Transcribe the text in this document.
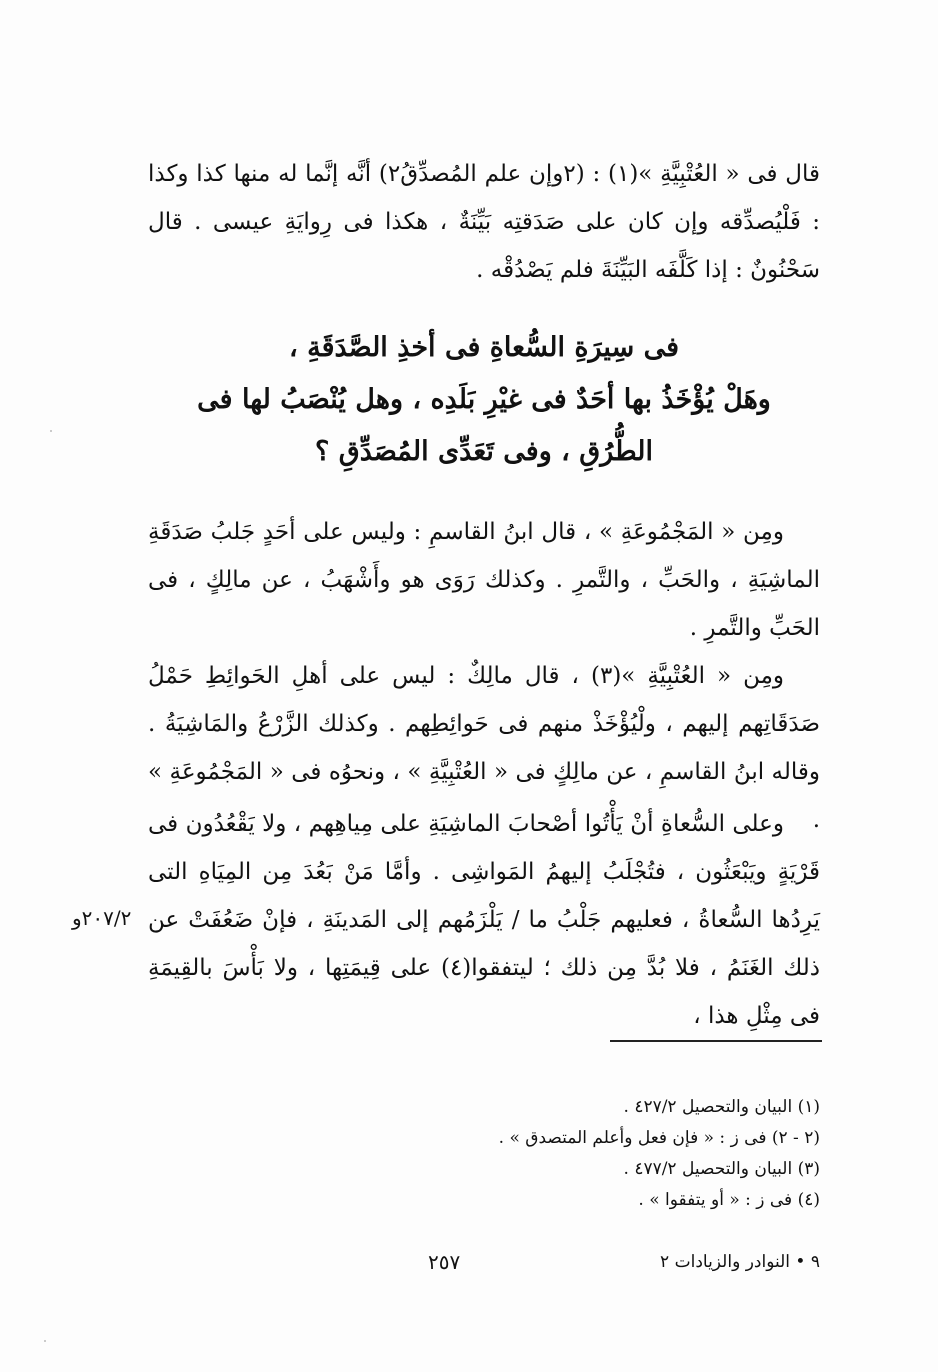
قال فى « العُتْبِيَّةِ »(١) : (٢وإن علم المُصدِّقُ٢) أنَّه إنَّما له منها كذا وكذا : فَلْيُصدِّقه وإن كان على صَدَقتِه بَيِّنَةٌ ، هكذا فى رِوايَةِ عيسى . قال سَحْنُونٌ : إذا كَلَّفَه البَيِّنَةَ فلم يَصْدُقْه .

فى سِيرَةِ السُّعاةِ فى أخذِ الصَّدَقَةِ ،
وهَلْ يُؤْخَذُ بها أحَدٌ فى غيْرِ بَلَدِه ، وهل يُنْصَبُ لها فى
الطُّرُقِ ، وفى تَعَدِّى المُصَدِّقِ ؟

ومِن « المَجْمُوعَةِ » ، قال ابنُ القاسمِ : وليس على أحَدٍ جَلبُ صَدَقَةِ الماشِيَةِ ، والحَبِّ ، والتَّمرِ . وكذلك رَوَى هو وأَشْهَبُ ، عن مالِكٍ ، فى الحَبِّ والتَّمرِ .

ومِن « العُتْبِيَّةِ »(٣) ، قال مالِكٌ : ليس على أهلِ الحَوائِطِ حَمْلُ صَدَقَاتِهم إليهم ، ولْيُؤْخَذْ منهم فى حَوائِطِهم . وكذلك الزَّرْعُ والمَاشِيَةُ . وقاله ابنُ القاسمِ ، عن مالِكٍ فى « العُتْبِيَّةِ » ، ونحوُه فى « المَجْمُوعَةِ » .

وعلى السُّعاةِ أنْ يَأْتُوا أصْحابَ الماشِيَةِ على مِياهِهم ، ولا يَقْعُدُون فى قَرْيَةٍ ويَبْعَثُون ، فتُجْلَبُ إليهمُ المَواشِى . وأمَّا مَنْ بَعُدَ مِن المِيَاهِ التى يَرِدُها السُّعاةُ ، فعليهم جَلْبُ ما / يَلْزَمُهم إلى المَدينَةِ ، فإنْ ضَعُفَتْ عن ذلك الغَنَمُ ، فلا بُدَّ مِن ذلك ؛ ليتفقوا(٤) على قِيمَتِها ، ولا بَأْسَ بالقِيمَةِ فى مِثْلِ هذا ،

٢٠٧/٢و
(١) البيان والتحصيل ٤٢٧/٢ .
(٢ - ٢) فى ز : « فإن فعل وأعلم المتصدق » .
(٣) البيان والتحصيل ٤٧٧/٢ .
(٤) فى ز : « أو يتفقوا » .
٢٥٧	٩ • النوادر والزيادات ٢
